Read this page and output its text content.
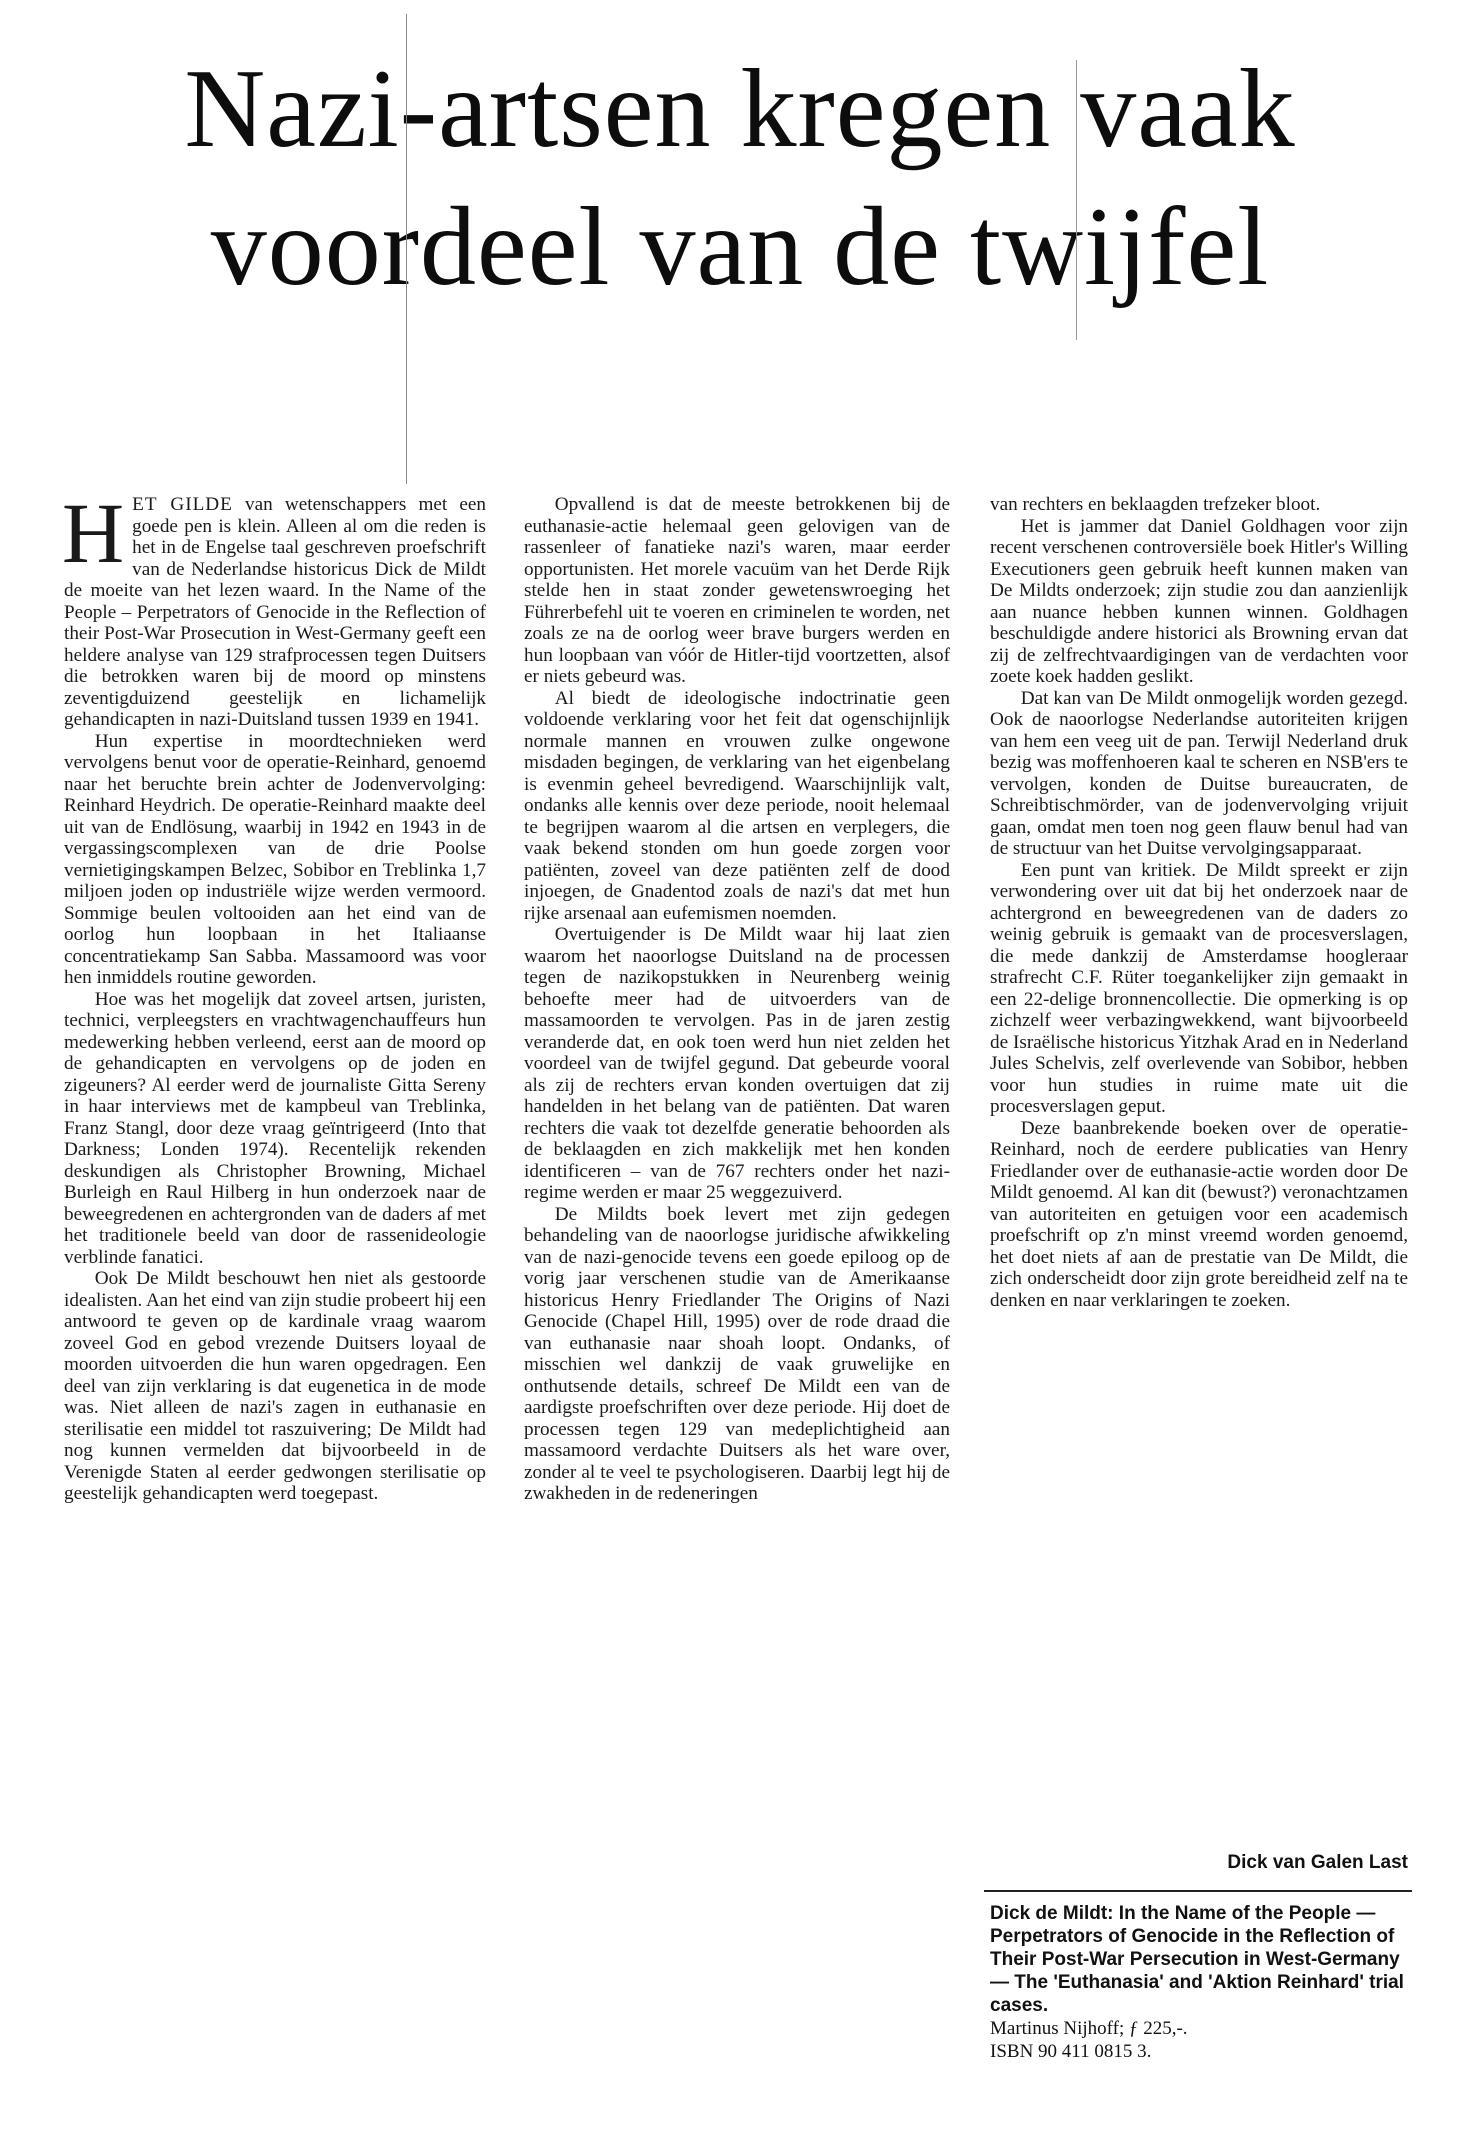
Nazi-artsen kregen vaak
voordeel van de twijfel

HET GILDE van wetenschappers met een goede pen is klein. Alleen al om die reden is het in de Engelse taal geschreven proefschrift van de Nederlandse historicus Dick de Mildt de moeite van het lezen waard. In the Name of the People – Perpetrators of Genocide in the Reflection of their Post-War Prosecution in West-Germany geeft een heldere analyse van 129 strafprocessen tegen Duitsers die betrokken waren bij de moord op minstens zeventigduizend geestelijk en lichamelijk gehandicapten in nazi-Duitsland tussen 1939 en 1941.

Hun expertise in moordtechnieken werd vervolgens benut voor de operatie-Reinhard, genoemd naar het beruchte brein achter de Jodenvervolging: Reinhard Heydrich. De operatie-Reinhard maakte deel uit van de Endlösung, waarbij in 1942 en 1943 in de vergassingscomplexen van de drie Poolse vernietigingskampen Belzec, Sobibor en Treblinka 1,7 miljoen joden op industriële wijze werden vermoord. Sommige beulen voltooiden aan het eind van de oorlog hun loopbaan in het Italiaanse concentratiekamp San Sabba. Massamoord was voor hen inmiddels routine geworden.

Hoe was het mogelijk dat zoveel artsen, juristen, technici, verpleegsters en vrachtwagenchauffeurs hun medewerking hebben verleend, eerst aan de moord op de gehandicapten en vervolgens op de joden en zigeuners? Al eerder werd de journaliste Gitta Sereny in haar interviews met de kampbeul van Treblinka, Franz Stangl, door deze vraag geïntrigeerd (Into that Darkness; Londen 1974). Recentelijk rekenden deskundigen als Christopher Browning, Michael Burleigh en Raul Hilberg in hun onderzoek naar de beweegredenen en achtergronden van de daders af met het traditionele beeld van door de rassenideologie verblinde fanatici.

Ook De Mildt beschouwt hen niet als gestoorde idealisten. Aan het eind van zijn studie probeert hij een antwoord te geven op de kardinale vraag waarom zoveel God en gebod vrezende Duitsers loyaal de moorden uitvoerden die hun waren opgedragen. Een deel van zijn verklaring is dat eugenetica in de mode was. Niet alleen de nazi's zagen in euthanasie en sterilisatie een middel tot raszuivering; De Mildt had nog kunnen vermelden dat bijvoorbeeld in de Verenigde Staten al eerder gedwongen sterilisatie op geestelijk gehandicapten werd toegepast.

Opvallend is dat de meeste betrokkenen bij de euthanasie-actie helemaal geen gelovigen van de rassenleer of fanatieke nazi's waren, maar eerder opportunisten. Het morele vacuüm van het Derde Rijk stelde hen in staat zonder gewetenswroeging het Führerbefehl uit te voeren en criminelen te worden, net zoals ze na de oorlog weer brave burgers werden en hun loopbaan van vóór de Hitler-tijd voortzetten, alsof er niets gebeurd was.

Al biedt de ideologische indoctrinatie geen voldoende verklaring voor het feit dat ogenschijnlijk normale mannen en vrouwen zulke ongewone misdaden begingen, de verklaring van het eigenbelang is evenmin geheel bevredigend. Waarschijnlijk valt, ondanks alle kennis over deze periode, nooit helemaal te begrijpen waarom al die artsen en verplegers, die vaak bekend stonden om hun goede zorgen voor patiënten, zoveel van deze patiënten zelf de dood injoegen, de Gnadentod zoals de nazi's dat met hun rijke arsenaal aan eufemismen noemden.

Overtuigender is De Mildt waar hij laat zien waarom het naoorlogse Duitsland na de processen tegen de nazikopstukken in Neurenberg weinig behoefte meer had de uitvoerders van de massamoorden te vervolgen. Pas in de jaren zestig veranderde dat, en ook toen werd hun niet zelden het voordeel van de twijfel gegund. Dat gebeurde vooral als zij de rechters ervan konden overtuigen dat zij handelden in het belang van de patiënten. Dat waren rechters die vaak tot dezelfde generatie behoorden als de beklaagden en zich makkelijk met hen konden identificeren – van de 767 rechters onder het nazi-regime werden er maar 25 weggezuiverd.

De Mildts boek levert met zijn gedegen behandeling van de naoorlogse juridische afwikkeling van de nazi-genocide tevens een goede epiloog op de vorig jaar verschenen studie van de Amerikaanse historicus Henry Friedlander The Origins of Nazi Genocide (Chapel Hill, 1995) over de rode draad die van euthanasie naar shoah loopt. Ondanks, of misschien wel dankzij de vaak gruwelijke en onthutsende details, schreef De Mildt een van de aardigste proefschriften over deze periode. Hij doet de processen tegen 129 van medeplichtigheid aan massamoord verdachte Duitsers als het ware over, zonder al te veel te psychologiseren. Daarbij legt hij de zwakheden in de redeneringen

van rechters en beklaagden trefzeker bloot.

Het is jammer dat Daniel Goldhagen voor zijn recent verschenen controversiële boek Hitler's Willing Executioners geen gebruik heeft kunnen maken van De Mildts onderzoek; zijn studie zou dan aanzienlijk aan nuance hebben kunnen winnen. Goldhagen beschuldigde andere historici als Browning ervan dat zij de zelfrechtvaardigingen van de verdachten voor zoete koek hadden geslikt.

Dat kan van De Mildt onmogelijk worden gezegd. Ook de naoorlogse Nederlandse autoriteiten krijgen van hem een veeg uit de pan. Terwijl Nederland druk bezig was moffenhoeren kaal te scheren en NSB'ers te vervolgen, konden de Duitse bureaucraten, de Schreibtischmörder, van de jodenvervolging vrijuit gaan, omdat men toen nog geen flauw benul had van de structuur van het Duitse vervolgingsapparaat.

Een punt van kritiek. De Mildt spreekt er zijn verwondering over uit dat bij het onderzoek naar de achtergrond en beweegredenen van de daders zo weinig gebruik is gemaakt van de procesverslagen, die mede dankzij de Amsterdamse hoogleraar strafrecht C.F. Rüter toegankelijker zijn gemaakt in een 22-delige bronnencollectie. Die opmerking is op zichzelf weer verbazingwekkend, want bijvoorbeeld de Israëlische historicus Yitzhak Arad en in Nederland Jules Schelvis, zelf overlevende van Sobibor, hebben voor hun studies in ruime mate uit die procesverslagen geput.

Deze baanbrekende boeken over de operatie-Reinhard, noch de eerdere publicaties van Henry Friedlander over de euthanasie-actie worden door De Mildt genoemd. Al kan dit (bewust?) veronachtzamen van autoriteiten en getuigen voor een academisch proefschrift op z'n minst vreemd worden genoemd, het doet niets af aan de prestatie van De Mildt, die zich onderscheidt door zijn grote bereidheid zelf na te denken en naar verklaringen te zoeken.

Dick van Galen Last
Dick de Mildt: In the Name of the People — Perpetrators of Genocide in the Reflection of Their Post-War Persecution in West-Germany — The 'Euthanasia' and 'Aktion Reinhard' trial cases.
Martinus Nijhoff; ƒ 225,-.
ISBN 90 411 0815 3.
